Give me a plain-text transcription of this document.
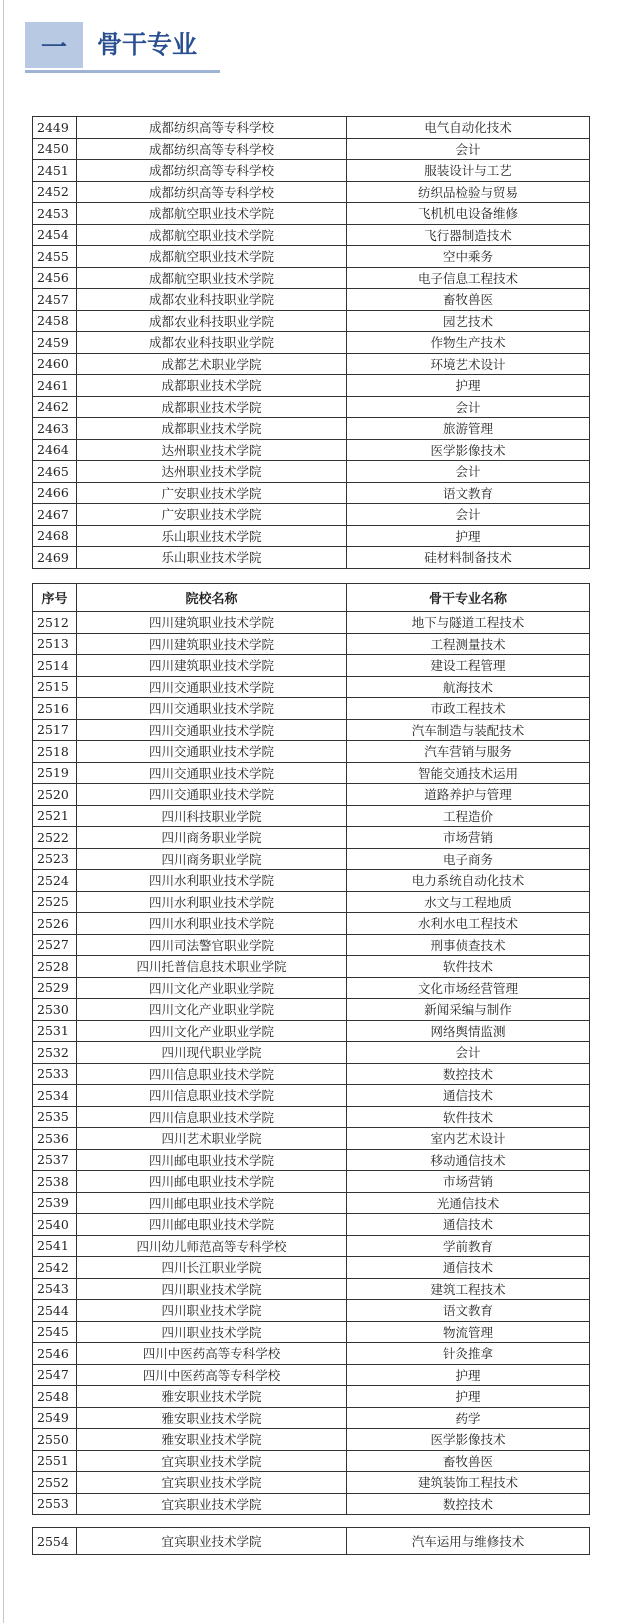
一	骨干专业
2449	成都纺织高等专科学校	电气自动化技术
2450	成都纺织高等专科学校	会计
2451	成都纺织高等专科学校	服装设计与工艺
2452	成都纺织高等专科学校	纺织品检验与贸易
2453	成都航空职业技术学院	飞机机电设备维修
2454	成都航空职业技术学院	飞行器制造技术
2455	成都航空职业技术学院	空中乘务
2456	成都航空职业技术学院	电子信息工程技术
2457	成都农业科技职业学院	畜牧兽医
2458	成都农业科技职业学院	园艺技术
2459	成都农业科技职业学院	作物生产技术
2460	成都艺术职业学院	环境艺术设计
2461	成都职业技术学院	护理
2462	成都职业技术学院	会计
2463	成都职业技术学院	旅游管理
2464	达州职业技术学院	医学影像技术
2465	达州职业技术学院	会计
2466	广安职业技术学院	语文教育
2467	广安职业技术学院	会计
2468	乐山职业技术学院	护理
2469	乐山职业技术学院	硅材料制备技术
序号	院校名称	骨干专业名称
2512	四川建筑职业技术学院	地下与隧道工程技术
2513	四川建筑职业技术学院	工程测量技术
2514	四川建筑职业技术学院	建设工程管理
2515	四川交通职业技术学院	航海技术
2516	四川交通职业技术学院	市政工程技术
2517	四川交通职业技术学院	汽车制造与装配技术
2518	四川交通职业技术学院	汽车营销与服务
2519	四川交通职业技术学院	智能交通技术运用
2520	四川交通职业技术学院	道路养护与管理
2521	四川科技职业学院	工程造价
2522	四川商务职业学院	市场营销
2523	四川商务职业学院	电子商务
2524	四川水利职业技术学院	电力系统自动化技术
2525	四川水利职业技术学院	水文与工程地质
2526	四川水利职业技术学院	水利水电工程技术
2527	四川司法警官职业学院	刑事侦查技术
2528	四川托普信息技术职业学院	软件技术
2529	四川文化产业职业学院	文化市场经营管理
2530	四川文化产业职业学院	新闻采编与制作
2531	四川文化产业职业学院	网络舆情监测
2532	四川现代职业学院	会计
2533	四川信息职业技术学院	数控技术
2534	四川信息职业技术学院	通信技术
2535	四川信息职业技术学院	软件技术
2536	四川艺术职业学院	室内艺术设计
2537	四川邮电职业技术学院	移动通信技术
2538	四川邮电职业技术学院	市场营销
2539	四川邮电职业技术学院	光通信技术
2540	四川邮电职业技术学院	通信技术
2541	四川幼儿师范高等专科学校	学前教育
2542	四川长江职业学院	通信技术
2543	四川职业技术学院	建筑工程技术
2544	四川职业技术学院	语文教育
2545	四川职业技术学院	物流管理
2546	四川中医药高等专科学校	针灸推拿
2547	四川中医药高等专科学校	护理
2548	雅安职业技术学院	护理
2549	雅安职业技术学院	药学
2550	雅安职业技术学院	医学影像技术
2551	宜宾职业技术学院	畜牧兽医
2552	宜宾职业技术学院	建筑装饰工程技术
2553	宜宾职业技术学院	数控技术
2554	宜宾职业技术学院	汽车运用与维修技术
